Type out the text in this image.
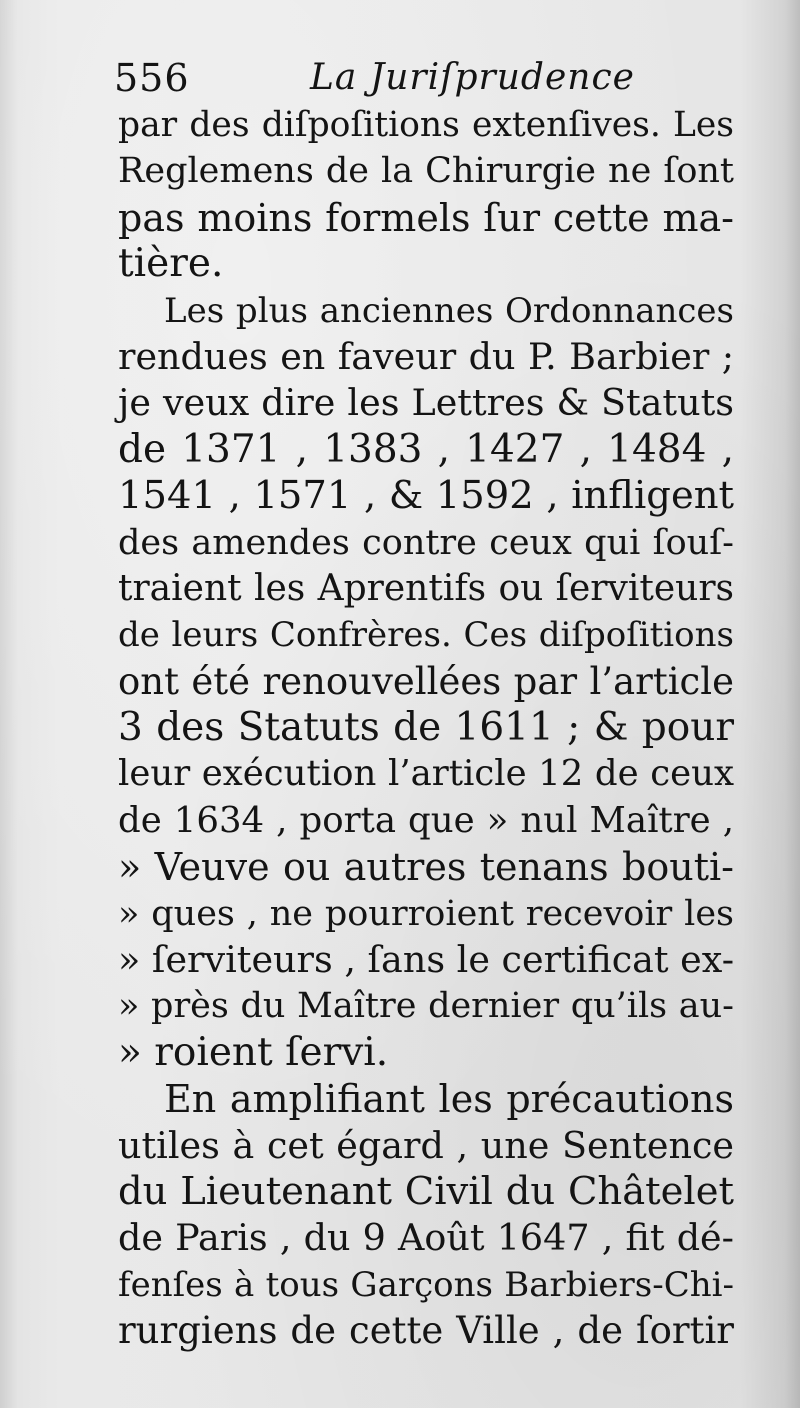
556	La Juriſprudence
par des diſpoſitions extenſives. Les
Reglemens de la Chirurgie ne ſont
pas moins formels ſur cette ma-
tière.
Les plus anciennes Ordonnances
rendues en faveur du P. Barbier ;
je veux dire les Lettres & Statuts
de 1371 , 1383 , 1427 , 1484 ,
1541 , 1571 , & 1592 , infligent
des amendes contre ceux qui ſouſ-
traient les Aprentifs ou ſerviteurs
de leurs Confrères. Ces diſpoſitions
ont été renouvellées par l’article
3 des Statuts de 1611 ; & pour
leur exécution l’article 12 de ceux
de 1634 , porta que » nul Maître ,
» Veuve ou autres tenans bouti-
» ques , ne pourroient recevoir les
» ſerviteurs , ſans le certificat ex-
» près du Maître dernier qu’ils au-
» roient ſervi.
En amplifiant les précautions
utiles à cet égard , une Sentence
du Lieutenant Civil du Châtelet
de Paris , du 9 Août 1647 , fit dé-
fenſes à tous Garçons Barbiers-Chi-
rurgiens de cette Ville , de ſortir
